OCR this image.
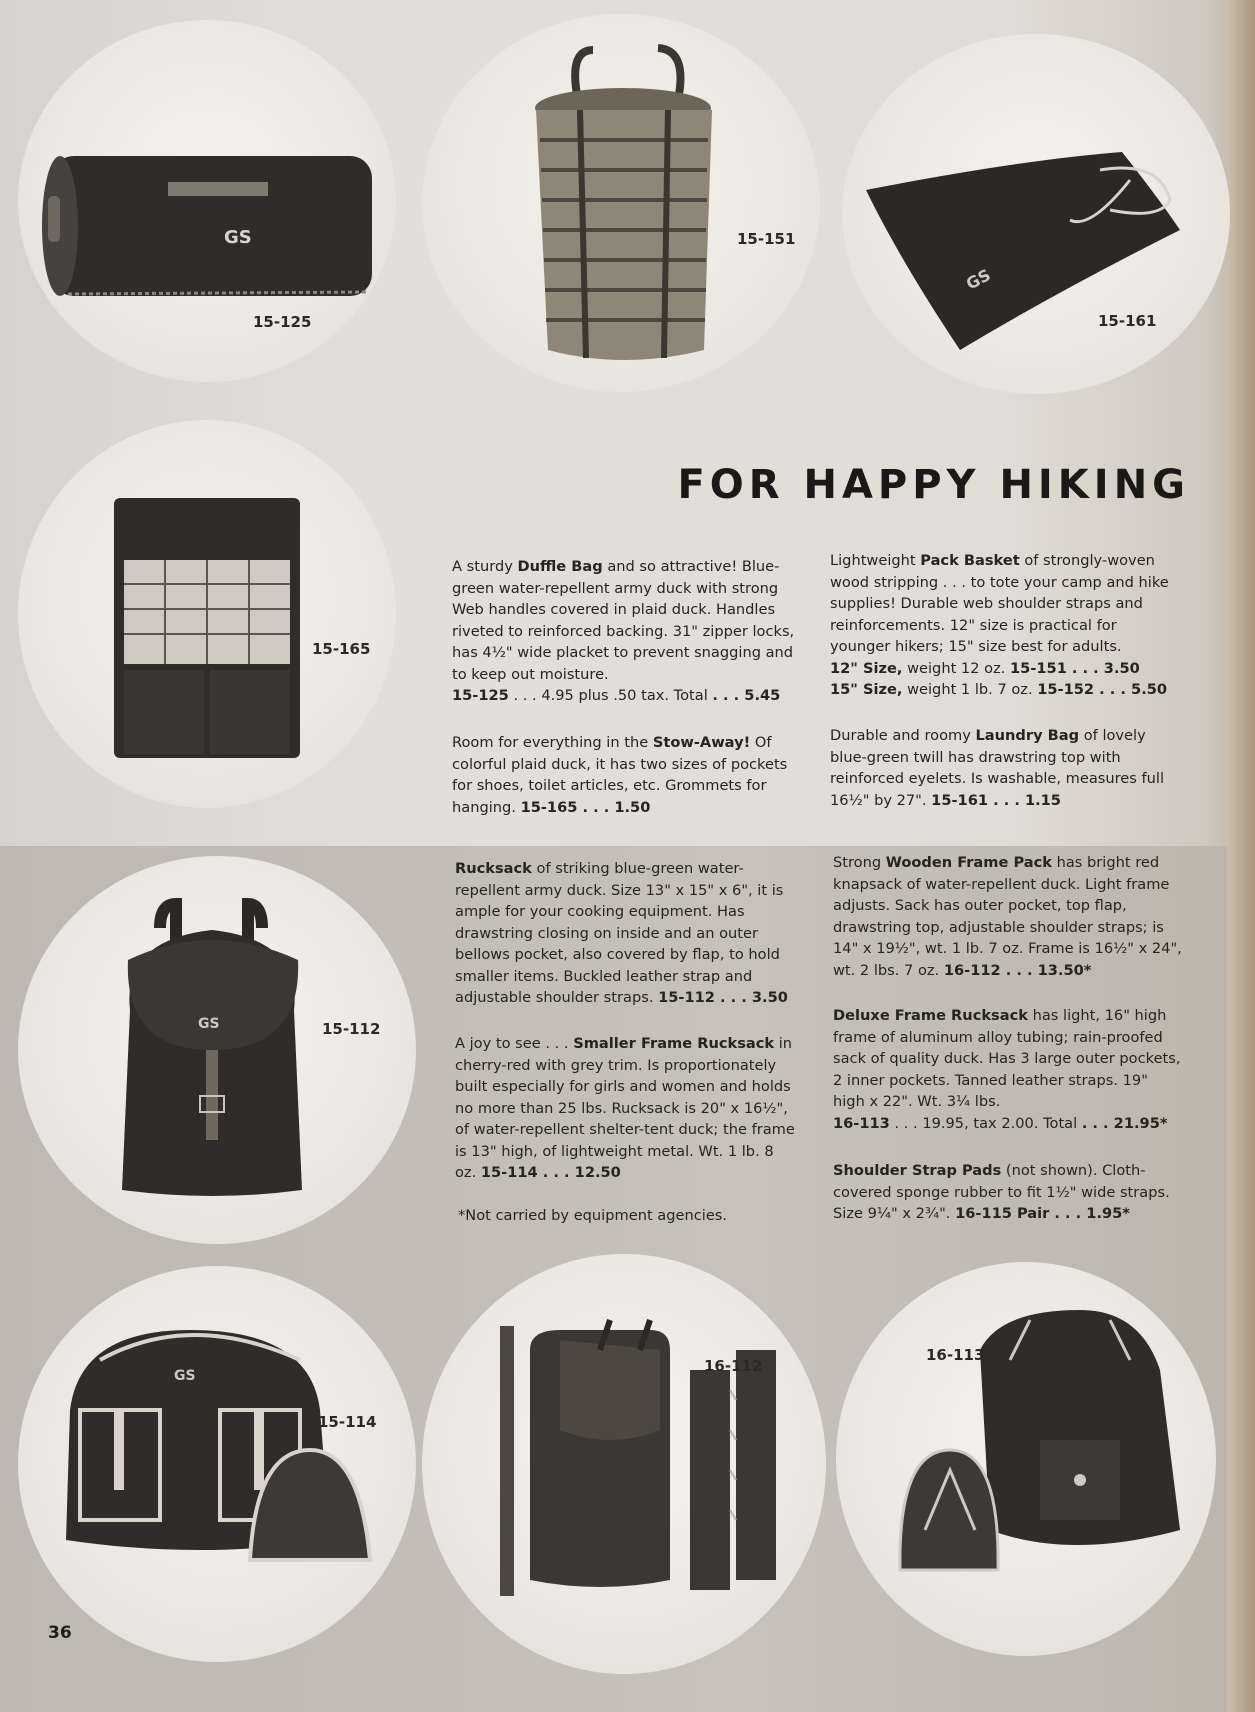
GS
15-125
15-151
GS
15-161
15-165
FOR HAPPY HIKING
A sturdy Duffle Bag and so attractive! Blue-green water-repellent army duck with strong Web handles covered in plaid duck. Handles riveted to reinforced backing. 31" zipper locks, has 4½" wide placket to prevent snagging and to keep out moisture.
15-125 . . . 4.95 plus .50 tax. Total . . . 5.45
Room for everything in the Stow-Away! Of colorful plaid duck, it has two sizes of pockets for shoes, toilet articles, etc. Grommets for hanging. 15-165 . . . 1.50
Lightweight Pack Basket of strongly-woven wood stripping . . . to tote your camp and hike supplies! Durable web shoulder straps and reinforcements. 12" size is practical for younger hikers; 15" size best for adults.
12" Size, weight 12 oz. 15-151 . . . 3.50
15" Size, weight 1 lb. 7 oz. 15-152 . . . 5.50
Durable and roomy Laundry Bag of lovely blue-green twill has drawstring top with reinforced eyelets. Is washable, measures full 16½" by 27". 15-161 . . . 1.15
GS	15-112
Rucksack of striking blue-green water-repellent army duck. Size 13" x 15" x 6", it is ample for your cooking equipment. Has drawstring closing on inside and an outer bellows pocket, also covered by flap, to hold smaller items. Buckled leather strap and adjustable shoulder straps. 15-112 . . . 3.50
A joy to see . . . Smaller Frame Rucksack in cherry-red with grey trim. Is proportionately built especially for girls and women and holds no more than 25 lbs. Rucksack is 20" x 16½", of water-repellent shelter-tent duck; the frame is 13" high, of lightweight metal. Wt. 1 lb. 8 oz. 15-114 . . . 12.50
*Not carried by equipment agencies.
Strong Wooden Frame Pack has bright red knapsack of water-repellent duck. Light frame adjusts. Sack has outer pocket, top flap, drawstring top, adjustable shoulder straps; is 14" x 19½", wt. 1 lb. 7 oz. Frame is 16½" x 24", wt. 2 lbs. 7 oz. 16-112 . . . 13.50*
Deluxe Frame Rucksack has light, 16" high frame of aluminum alloy tubing; rain-proofed sack of quality duck. Has 3 large outer pockets, 2 inner pockets. Tanned leather straps. 19" high x 22". Wt. 3¼ lbs.
16-113 . . . 19.95, tax 2.00. Total . . . 21.95*
Shoulder Strap Pads (not shown). Cloth-covered sponge rubber to fit 1½" wide straps. Size 9¼" x 2¾". 16-115 Pair . . . 1.95*
GS
15-114
16-112
16-113
36
